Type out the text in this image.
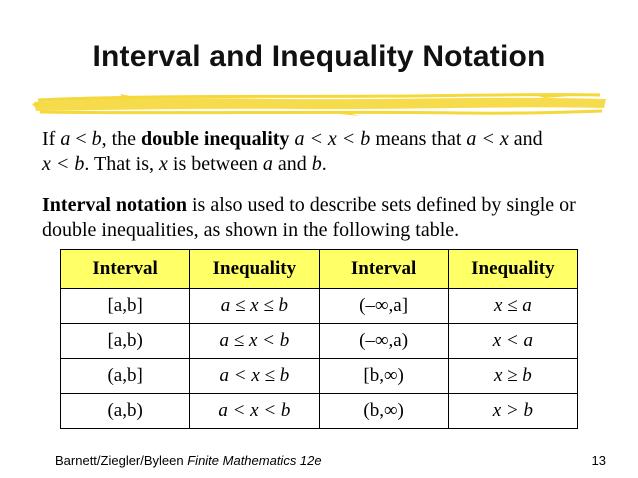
Interval and Inequality Notation
If a < b, the double inequality a < x < b means that a < x and
x < b. That is, x is between a and b.
Interval notation is also used to describe sets defined by single or double inequalities, as shown in the following table.
Interval	Inequality	Interval	Inequality
[a,b]	a ≤ x ≤ b	(–∞,a]	x ≤ a
[a,b)	a ≤ x < b	(–∞,a)	x < a
(a,b]	a < x ≤ b	[b,∞)	x ≥ b
(a,b)	a < x < b	(b,∞)	x > b
Barnett/Ziegler/Byleen Finite Mathematics 12e	13
